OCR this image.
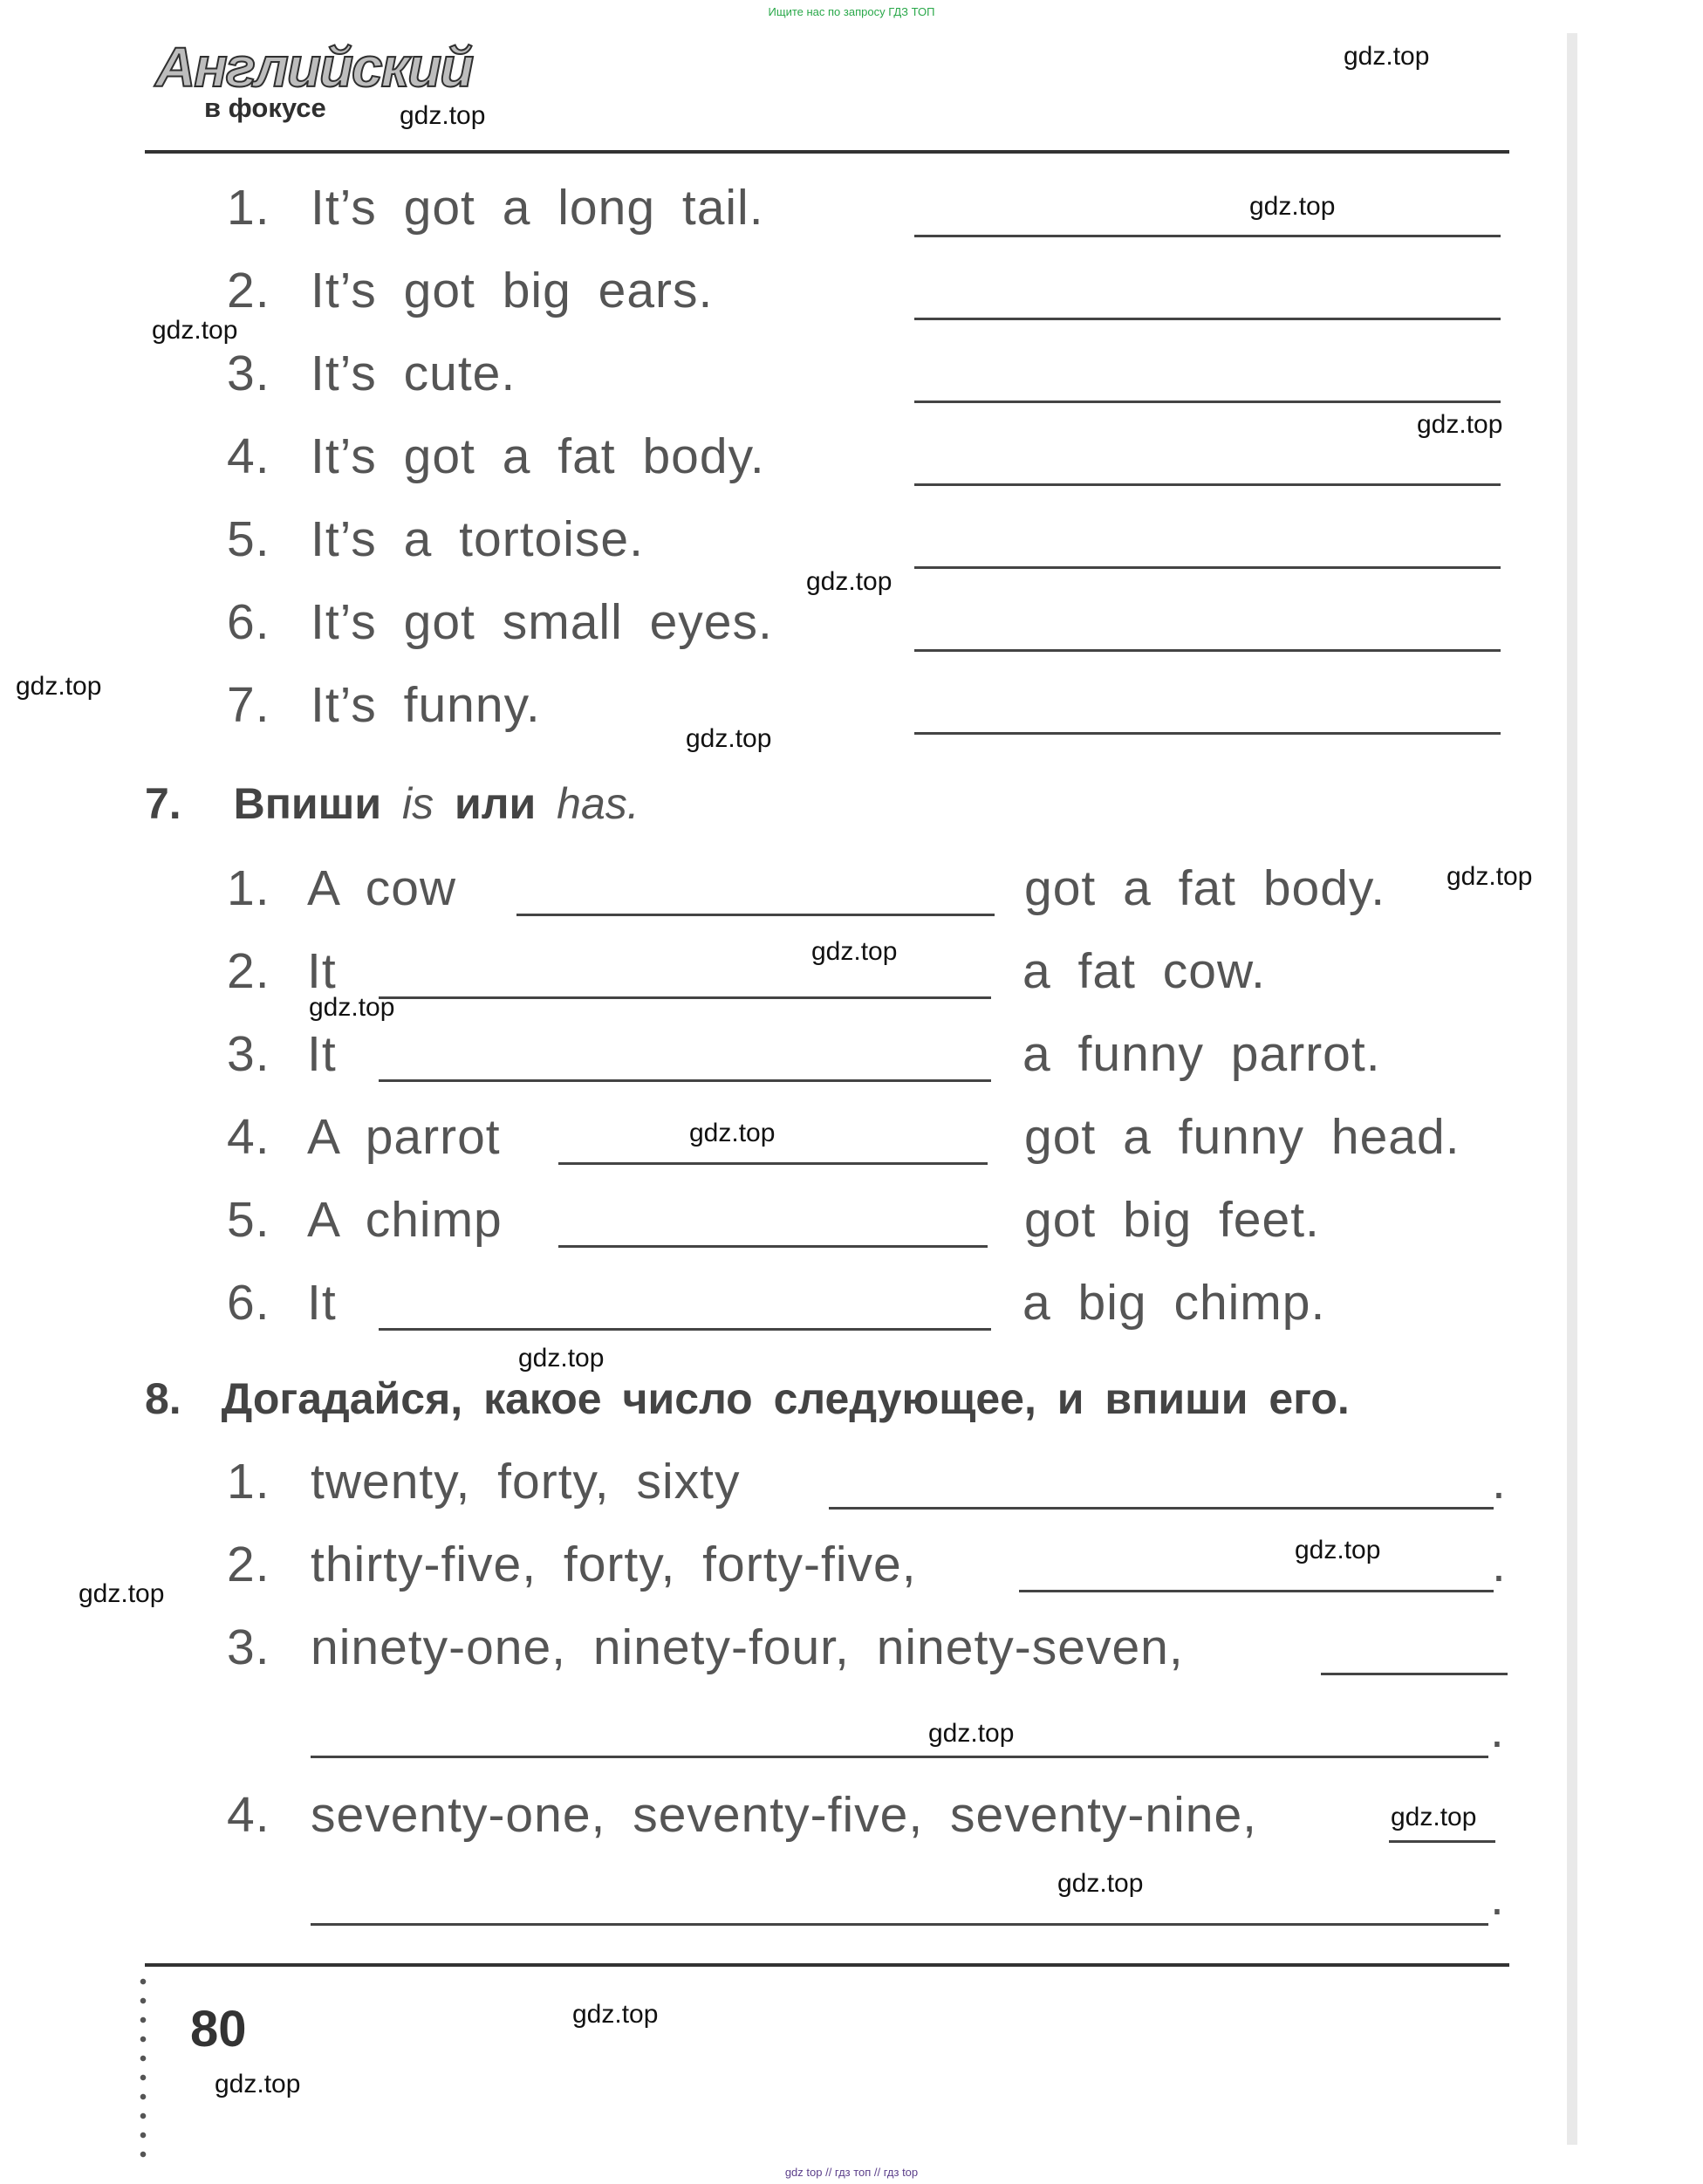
Ищите нас по запросу ГДЗ ТОП
Английский
в фокусе
1. It’s got a long tail.
2. It’s got big ears.
3. It’s cute.
4. It’s got a fat body.
5. It’s a tortoise.
6. It’s got small eyes.
7. It’s funny.
7. Впиши is или has.
1. A cow	got a fat body.
2. It	a fat cow.
3. It	a funny parrot.
4. A parrot	got a funny head.
5. A chimp	got big feet.
6. It	a big chimp.
8. Догадайся, какое число следующее, и впиши его.
1. twenty, forty, sixty	.
2. thirty-five, forty, forty-five,	.
3. ninety-one, ninety-four, ninety-seven,
.
4. seventy-one, seventy-five, seventy-nine,
.
80
gdz.top
gdz.top
gdz.top
gdz.top
gdz.top
gdz.top
gdz.top
gdz.top
gdz.top
gdz.top
gdz.top
gdz.top
gdz.top
gdz.top
gdz.top
gdz.top
gdz.top
gdz.top
gdz.top
gdz.top
gdz top // гдз топ // гдз top
